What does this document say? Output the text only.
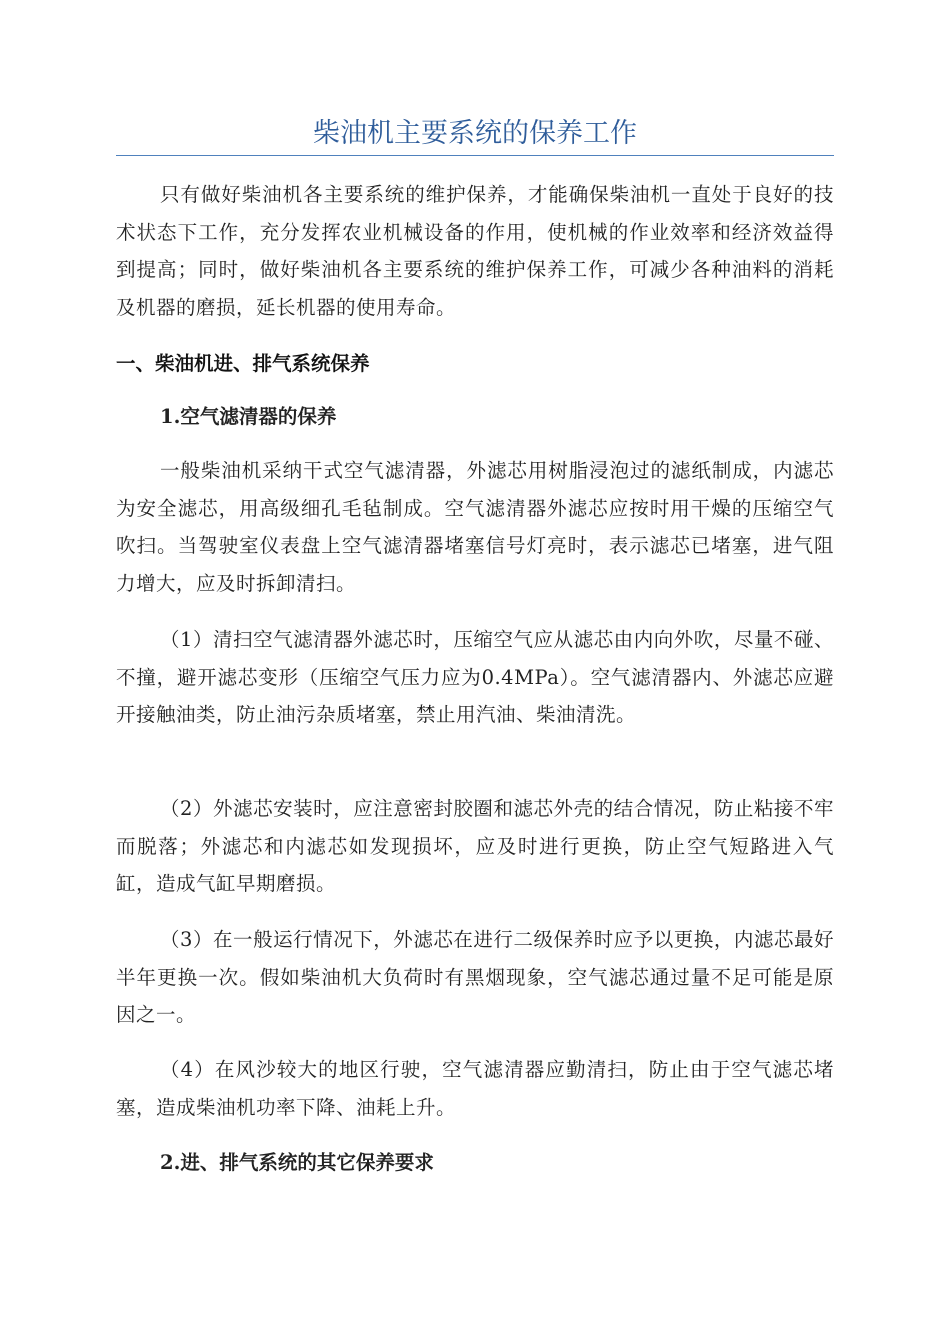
柴油机主要系统的保养工作

只有做好柴油机各主要系统的维护保养，才能确保柴油机一直处于良好的技术状态下工作，充分发挥农业机械设备的作用，使机械的作业效率和经济效益得到提高；同时，做好柴油机各主要系统的维护保养工作，可减少各种油料的消耗及机器的磨损，延长机器的使用寿命。

一、柴油机进、排气系统保养
1.空气滤清器的保养

一般柴油机采纳干式空气滤清器，外滤芯用树脂浸泡过的滤纸制成，内滤芯为安全滤芯，用高级细孔毛毡制成。空气滤清器外滤芯应按时用干燥的压缩空气吹扫。当驾驶室仪表盘上空气滤清器堵塞信号灯亮时，表示滤芯已堵塞，进气阻力增大，应及时拆卸清扫。

（1）清扫空气滤清器外滤芯时，压缩空气应从滤芯由内向外吹，尽量不碰、不撞，避开滤芯变形（压缩空气压力应为0.4MPa）。空气滤清器内、外滤芯应避开接触油类，防止油污杂质堵塞，禁止用汽油、柴油清洗。

（2）外滤芯安装时，应注意密封胶圈和滤芯外壳的结合情况，防止粘接不牢而脱落；外滤芯和内滤芯如发现损坏，应及时进行更换，防止空气短路进入气缸，造成气缸早期磨损。

（3）在一般运行情况下，外滤芯在进行二级保养时应予以更换，内滤芯最好半年更换一次。假如柴油机大负荷时有黑烟现象，空气滤芯通过量不足可能是原因之一。

（4）在风沙较大的地区行驶，空气滤清器应勤清扫，防止由于空气滤芯堵塞，造成柴油机功率下降、油耗上升。

2.进、排气系统的其它保养要求
